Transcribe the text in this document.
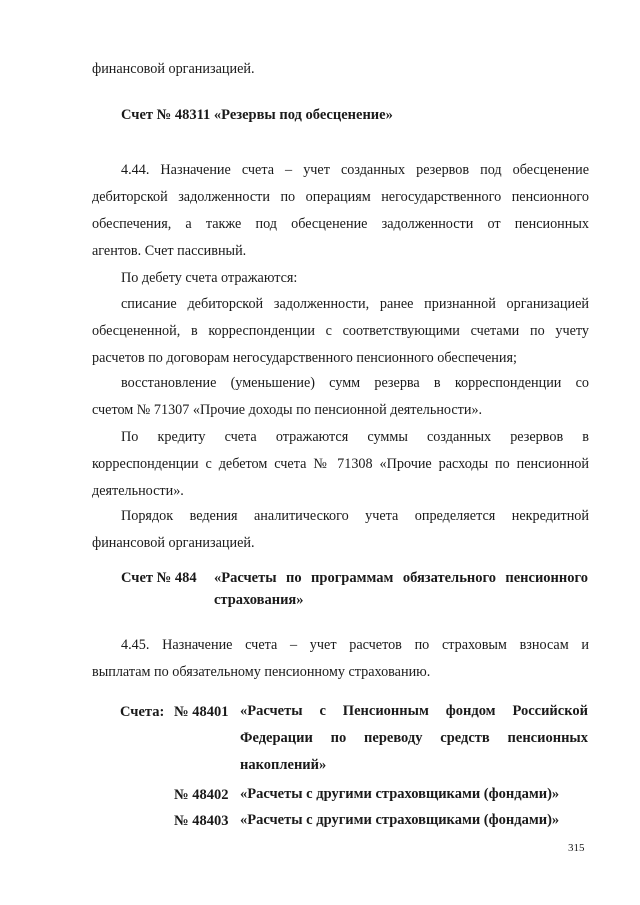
финансовой организацией.

Счет № 48311 «Резервы под обесценение»

4.44. Назначение счета – учет созданных резервов под обесценение
дебиторской задолженности по операциям негосударственного пенсионного
обеспечения, а также под обесценение задолженности от пенсионных
агентов. Счет пассивный.

По дебету счета отражаются:

списание дебиторской задолженности, ранее признанной организацией
обесцененной, в корреспонденции с соответствующими счетами по учету
расчетов по договорам негосударственного пенсионного обеспечения;

восстановление (уменьшение) сумм резерва в корреспонденции со
счетом № 71307 «Прочие доходы по пенсионной деятельности».

По кредиту счета отражаются суммы созданных резервов в
корреспонденции с дебетом счета № 71308 «Прочие расходы по пенсионной
деятельности».

Порядок ведения аналитического учета определяется некредитной
финансовой организацией.

Счет № 484 «Расчеты по программам обязательного пенсионного
страхования»

4.45. Назначение счета – учет расчетов по страховым взносам и
выплатам по обязательному пенсионному страхованию.

Счета: № 48401 «Расчеты с Пенсионным фондом Российской
Федерации по переводу средств пенсионных
накоплений»

№ 48402 «Расчеты с другими страховщиками (фондами)»

№ 48403 «Расчеты с другими страховщиками (фондами)»

315
